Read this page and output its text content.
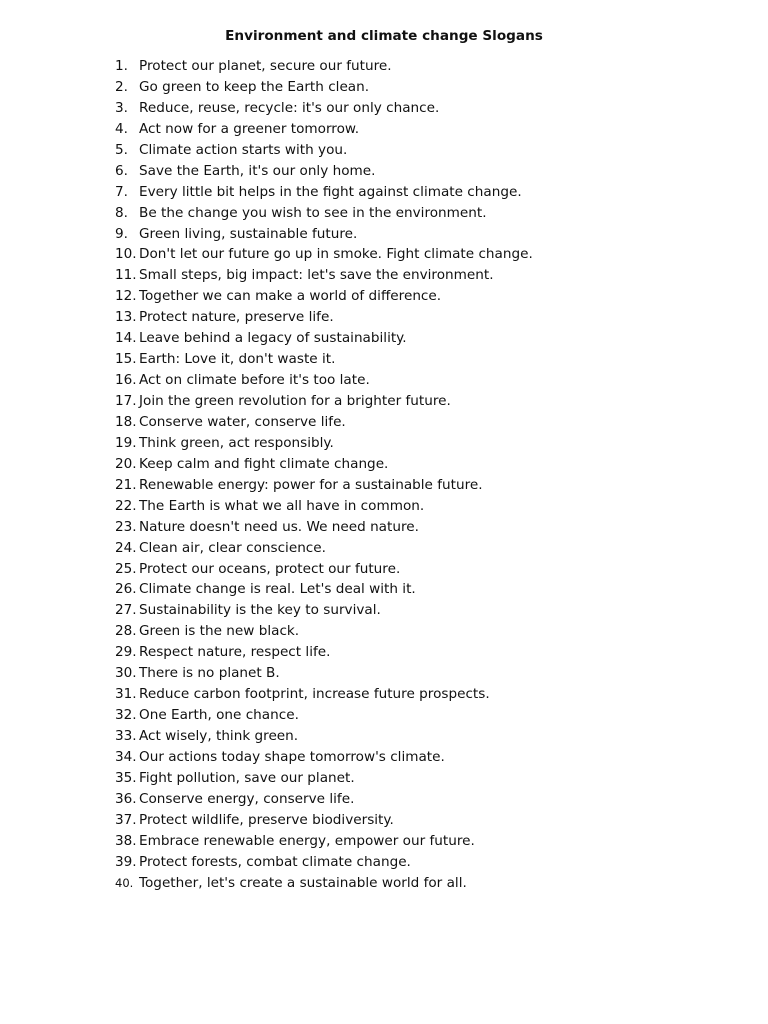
Environment and climate change Slogans
1. Protect our planet, secure our future.
2. Go green to keep the Earth clean.
3. Reduce, reuse, recycle: it's our only chance.
4. Act now for a greener tomorrow.
5. Climate action starts with you.
6. Save the Earth, it's our only home.
7. Every little bit helps in the fight against climate change.
8. Be the change you wish to see in the environment.
9. Green living, sustainable future.
10. Don't let our future go up in smoke. Fight climate change.
11. Small steps, big impact: let's save the environment.
12. Together we can make a world of difference.
13. Protect nature, preserve life.
14. Leave behind a legacy of sustainability.
15. Earth: Love it, don't waste it.
16. Act on climate before it's too late.
17. Join the green revolution for a brighter future.
18. Conserve water, conserve life.
19. Think green, act responsibly.
20. Keep calm and fight climate change.
21. Renewable energy: power for a sustainable future.
22. The Earth is what we all have in common.
23. Nature doesn't need us. We need nature.
24. Clean air, clear conscience.
25. Protect our oceans, protect our future.
26. Climate change is real. Let's deal with it.
27. Sustainability is the key to survival.
28. Green is the new black.
29. Respect nature, respect life.
30. There is no planet B.
31. Reduce carbon footprint, increase future prospects.
32. One Earth, one chance.
33. Act wisely, think green.
34. Our actions today shape tomorrow's climate.
35. Fight pollution, save our planet.
36. Conserve energy, conserve life.
37. Protect wildlife, preserve biodiversity.
38. Embrace renewable energy, empower our future.
39. Protect forests, combat climate change.
40. Together, let's create a sustainable world for all.
